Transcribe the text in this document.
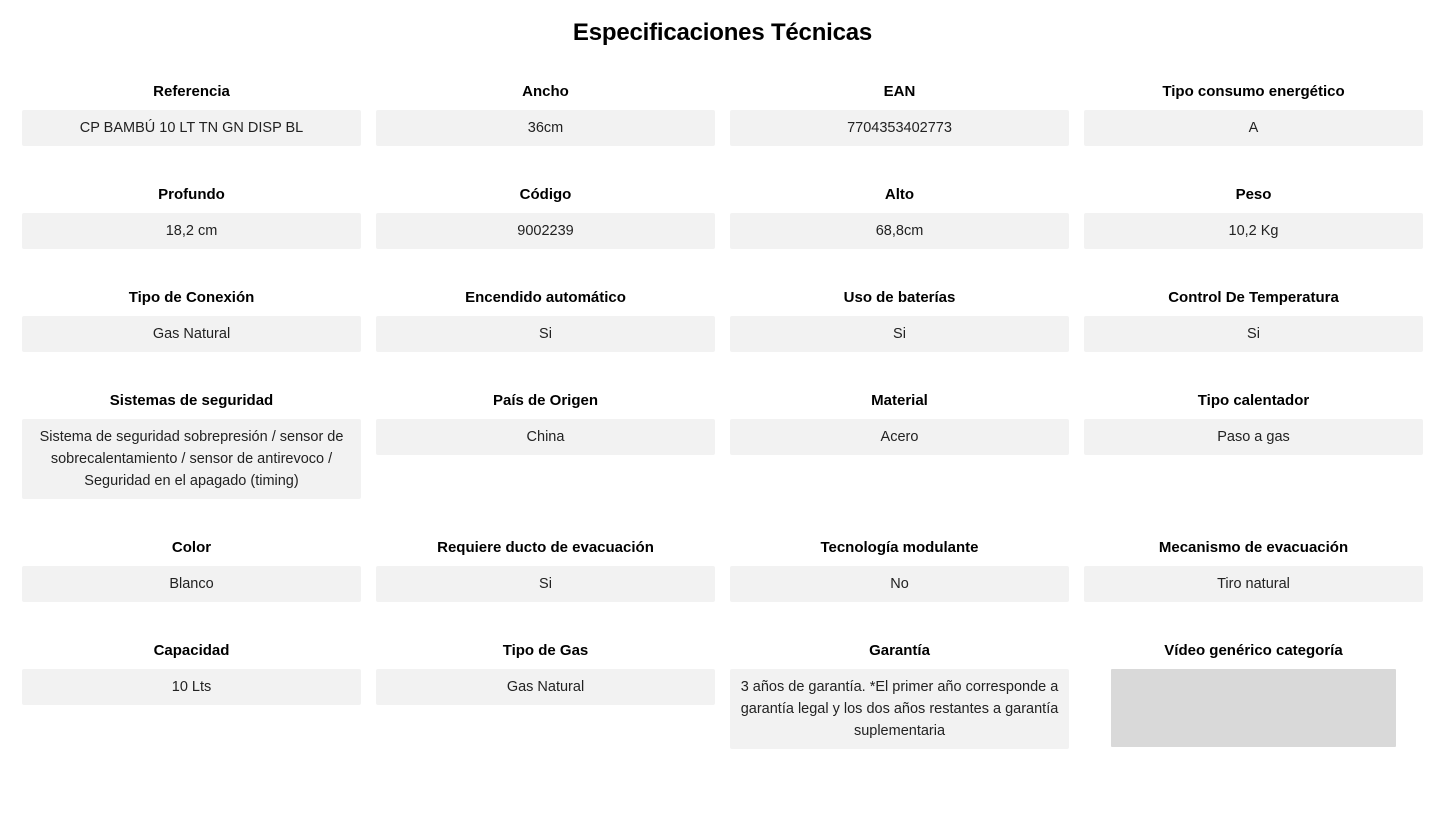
Especificaciones Técnicas
Referencia
CP BAMBÚ 10 LT TN GN DISP BL
Ancho
36cm
EAN
7704353402773
Tipo consumo energético
A
Profundo
18,2 cm
Código
9002239
Alto
68,8cm
Peso
10,2 Kg
Tipo de Conexión
Gas Natural
Encendido automático
Si
Uso de baterías
Si
Control De Temperatura
Si
Sistemas de seguridad
Sistema de seguridad sobrepresión / sensor de sobrecalentamiento / sensor de antirevoco / Seguridad en el apagado (timing)
País de Origen
China
Material
Acero
Tipo calentador
Paso a gas
Color
Blanco
Requiere ducto de evacuación
Si
Tecnología modulante
No
Mecanismo de evacuación
Tiro natural
Capacidad
10 Lts
Tipo de Gas
Gas Natural
Garantía
3 años de garantía. *El primer año corresponde a garantía legal y los dos años restantes a garantía suplementaria
Vídeo genérico categoría
